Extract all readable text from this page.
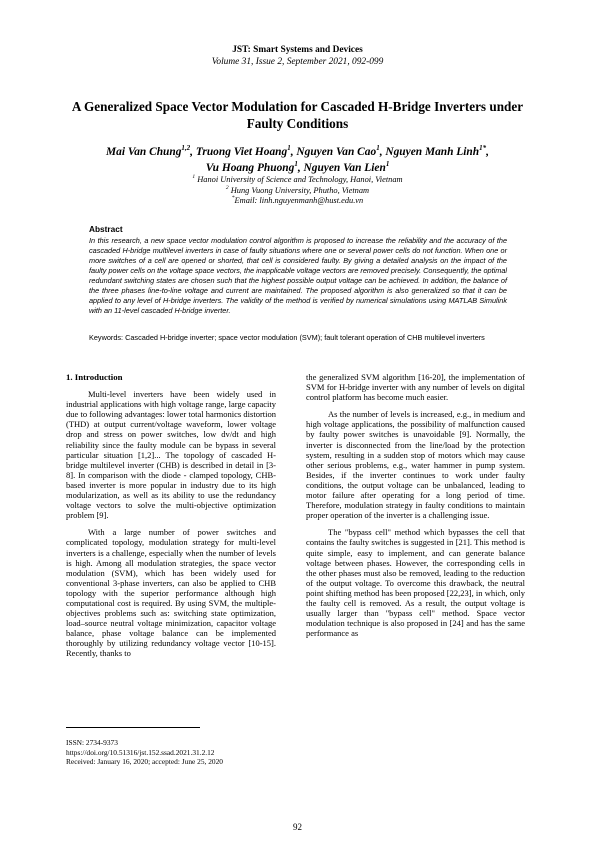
JST: Smart Systems and Devices
Volume 31, Issue 2, September 2021, 092-099
A Generalized Space Vector Modulation for Cascaded H-Bridge Inverters under Faulty Conditions
Mai Van Chung$^{1,2}$, Truong Viet Hoang$^1$, Nguyen Van Cao$^1$, Nguyen Manh Linh$^{1*}$,
Vu Hoang Phuong$^1$, Nguyen Van Lien$^1$
$^1$ Hanoi University of Science and Technology, Hanoi, Vietnam
$^2$ Hung Vuong University, Phutho, Vietnam
*Email: linh.nguyenmanh@hust.edu.vn
Abstract
In this research, a new space vector modulation control algorithm is proposed to increase the reliability and the accuracy of the cascaded H-bridge multilevel inverters in case of faulty situations where one or several power cells do not function. When one or more switches of a cell are opened or shorted, that cell is considered faulty. By giving a detailed analysis on the impact of the faulty power cells on the voltage space vectors, the inapplicable voltage vectors are removed precisely. Consequently, the optimal redundant switching states are chosen such that the highest possible output voltage can be achieved. In addition, the balance of the three phases line-to-line voltage and current are maintained. The proposed algorithm is also generalized so that it can be applied to any level of H-bridge inverters. The validity of the method is verified by numerical simulations using MATLAB Simulink with an 11-level cascaded H-bridge inverter.
Keywords: Cascaded H-bridge inverter; space vector modulation (SVM); fault tolerant operation of CHB multilevel inverters
1. Introduction

Multi-level inverters have been widely used in industrial applications with high voltage range, large capacity due to following advantages: lower total harmonics distortion (THD) at output current/voltage waveform, lower voltage drop and stress on power switches, low dv/dt and high reliability since the faulty module can be bypass in several particular situation [1,2]... The topology of cascaded H-bridge multilevel inverter (CHB) is described in detail in [3-8]. In comparison with the diode - clamped topology, CHB-based inverter is more popular in industry due to its high modularization, as well as its ability to use the redundancy voltage vectors to solve the multi-objective optimization problem [9].

With a large number of power switches and complicated topology, modulation strategy for multi-level inverters is a challenge, especially when the number of levels is high. Among all modulation strategies, the space vector modulation (SVM), which has been widely used for conventional 3-phase inverters, can also be applied to CHB topology with the superior performance although high computational cost is required. By using SVM, the multiple-objectives problems such as: switching state optimization, load–source neutral voltage minimization, capacitor voltage balance, phase voltage balance can be implemented thoroughly by utilizing redundancy voltage vector [10-15]. Recently, thanks to

the generalized SVM algorithm [16-20], the implementation of SVM for H-bridge inverter with any number of levels on digital control platform has become much easier.

As the number of levels is increased, e.g., in medium and high voltage applications, the possibility of malfunction caused by faulty power switches is unavoidable [9]. Normally, the inverter is disconnected from the line/load by the protection system, resulting in a sudden stop of motors which may cause other serious problems, e.g., water hammer in pump system. Besides, if the inverter continues to work under faulty conditions, the output voltage can be unbalanced, leading to motor failure after operating for a long period of time. Therefore, modulation strategy in faulty conditions to maintain proper operation of the inverter is a challenging issue.

The "bypass cell" method which bypasses the cell that contains the faulty switches is suggested in [21]. This method is quite simple, easy to implement, and can generate balance voltage between phases. However, the corresponding cells in the other phases must also be removed, leading to the reduction of the output voltage. To overcome this drawback, the neutral point shifting method has been proposed [22,23], in which, only the faulty cell is removed. As a result, the output voltage is usually larger than "bypass cell" method. Space vector modulation technique is also proposed in [24] and has the same performance as

ISSN: 2734-9373
https://doi.org/10.51316/jst.152.ssad.2021.31.2.12
Received: January 16, 2020; accepted: June 25, 2020
92
